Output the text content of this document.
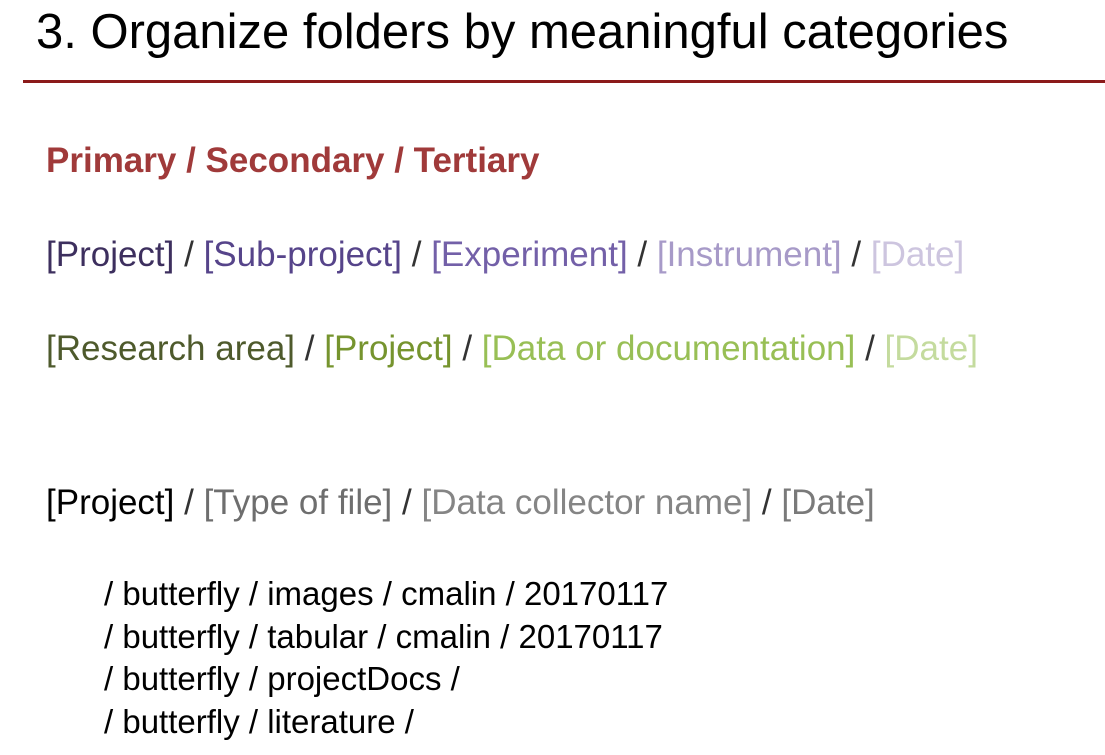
3. Organize folders by meaningful categories
Primary / Secondary / Tertiary

[Project] / [Sub-project] / [Experiment] / [Instrument] / [Date]

[Research area] / [Project] / [Data or documentation] / [Date]

[Project] / [Type of file] / [Data collector name] / [Date]

/ butterfly / images / cmalin / 20170117
/ butterfly / tabular / cmalin / 20170117
/ butterfly / projectDocs /
/ butterfly / literature /
